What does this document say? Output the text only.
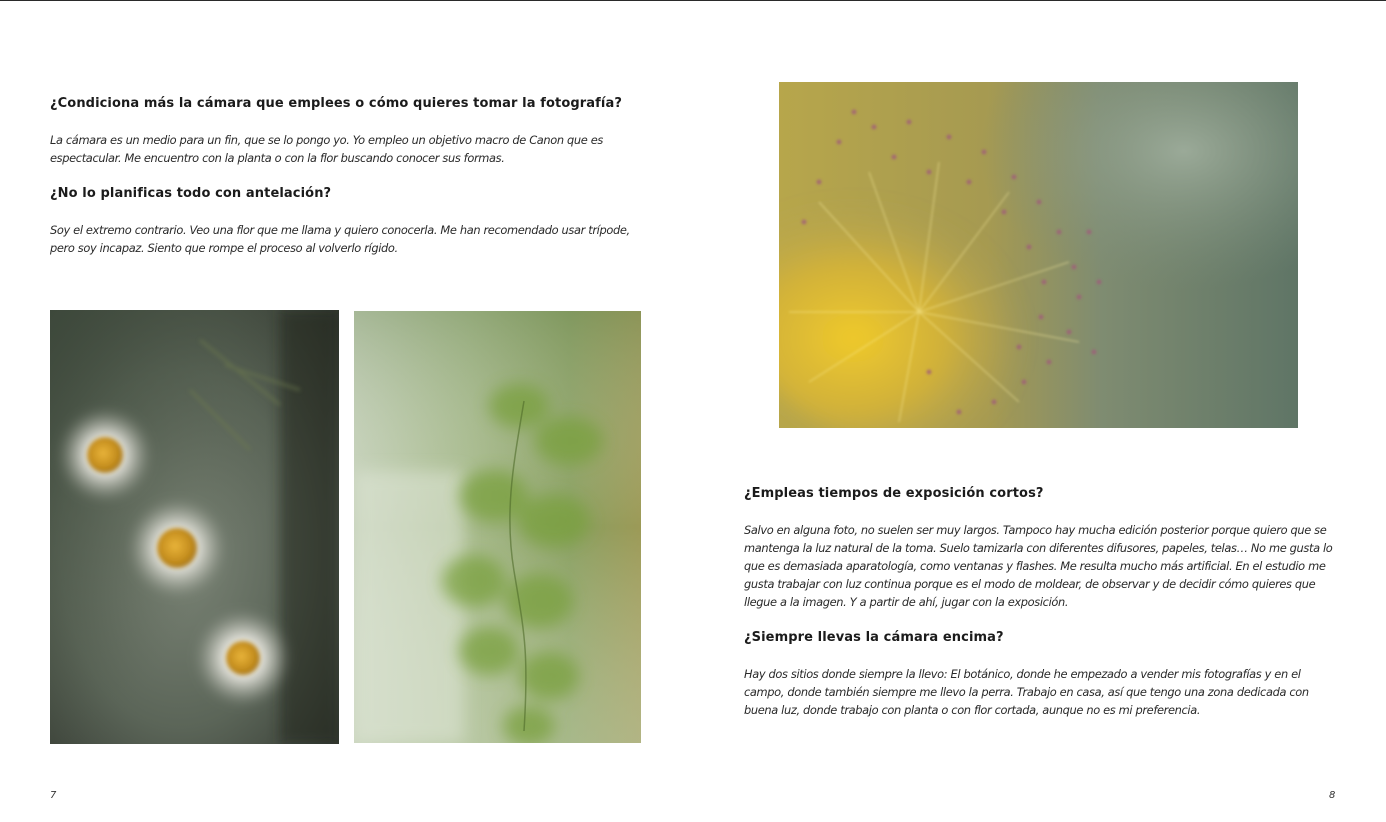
¿Condiciona más la cámara que emplees o cómo quieres tomar la fotografía?

La cámara es un medio para un fin, que se lo pongo yo. Yo empleo un objetivo macro de Canon que es espectacular. Me encuentro con la planta o con la flor buscando conocer sus formas.

¿No lo planificas todo con antelación?

Soy el extremo contrario. Veo una flor que me llama y quiero conocerla. Me han recomendado usar trípode, pero soy incapaz. Siento que rompe el proceso al volverlo rígido.

7
¿Empleas tiempos de exposición cortos?

Salvo en alguna foto, no suelen ser muy largos. Tampoco hay mucha edición posterior porque quiero que se mantenga la luz natural de la toma. Suelo tamizarla con diferentes difusores, papeles, telas… No me gusta lo que es demasiada aparatología, como ventanas y flashes. Me resulta mucho más artificial. En el estudio me gusta trabajar con luz continua porque es el modo de moldear, de observar y de decidir cómo quieres que llegue a la imagen. Y a partir de ahí, jugar con la exposición.

¿Siempre llevas la cámara encima?

Hay dos sitios donde siempre la llevo: El botánico, donde he empezado a vender mis fotografías y en el campo, donde también siempre me llevo la perra. Trabajo en casa, así que tengo una zona dedicada con buena luz, donde trabajo con planta o con flor cortada, aunque no es mi preferencia.

8
